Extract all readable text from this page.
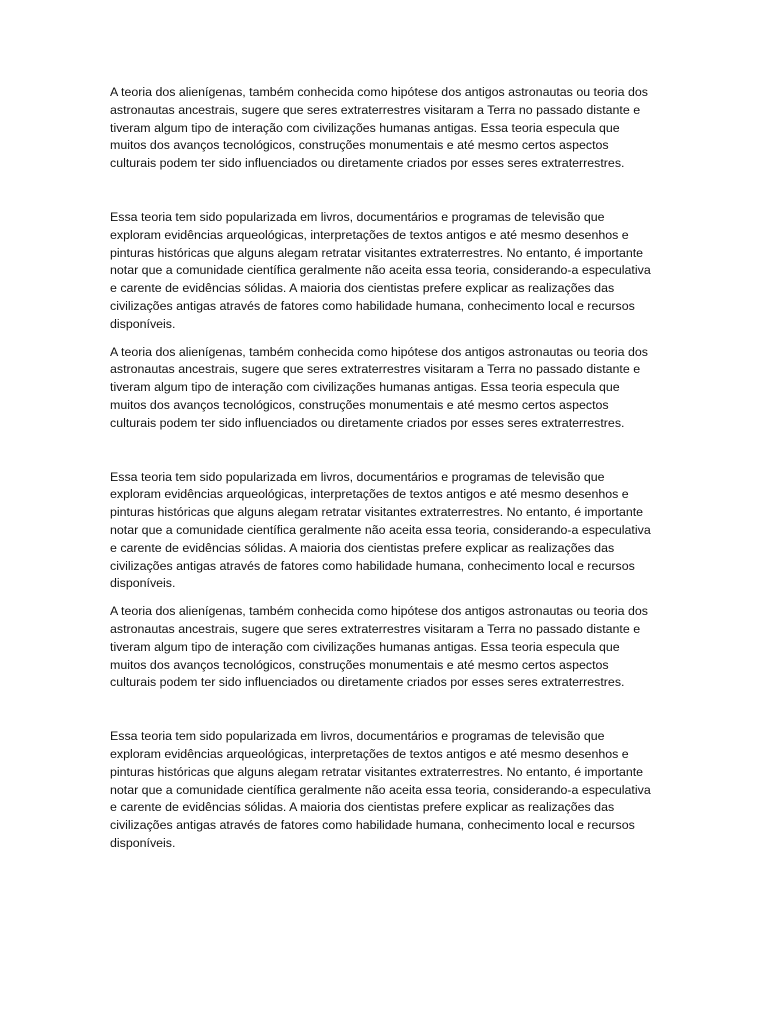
A teoria dos alienígenas, também conhecida como hipótese dos antigos astronautas ou teoria dos astronautas ancestrais, sugere que seres extraterrestres visitaram a Terra no passado distante e tiveram algum tipo de interação com civilizações humanas antigas. Essa teoria especula que muitos dos avanços tecnológicos, construções monumentais e até mesmo certos aspectos culturais podem ter sido influenciados ou diretamente criados por esses seres extraterrestres.

Essa teoria tem sido popularizada em livros, documentários e programas de televisão que exploram evidências arqueológicas, interpretações de textos antigos e até mesmo desenhos e pinturas históricas que alguns alegam retratar visitantes extraterrestres. No entanto, é importante notar que a comunidade científica geralmente não aceita essa teoria, considerando-a especulativa e carente de evidências sólidas. A maioria dos cientistas prefere explicar as realizações das civilizações antigas através de fatores como habilidade humana, conhecimento local e recursos disponíveis.

A teoria dos alienígenas, também conhecida como hipótese dos antigos astronautas ou teoria dos astronautas ancestrais, sugere que seres extraterrestres visitaram a Terra no passado distante e tiveram algum tipo de interação com civilizações humanas antigas. Essa teoria especula que muitos dos avanços tecnológicos, construções monumentais e até mesmo certos aspectos culturais podem ter sido influenciados ou diretamente criados por esses seres extraterrestres.

Essa teoria tem sido popularizada em livros, documentários e programas de televisão que exploram evidências arqueológicas, interpretações de textos antigos e até mesmo desenhos e pinturas históricas que alguns alegam retratar visitantes extraterrestres. No entanto, é importante notar que a comunidade científica geralmente não aceita essa teoria, considerando-a especulativa e carente de evidências sólidas. A maioria dos cientistas prefere explicar as realizações das civilizações antigas através de fatores como habilidade humana, conhecimento local e recursos disponíveis.

A teoria dos alienígenas, também conhecida como hipótese dos antigos astronautas ou teoria dos astronautas ancestrais, sugere que seres extraterrestres visitaram a Terra no passado distante e tiveram algum tipo de interação com civilizações humanas antigas. Essa teoria especula que muitos dos avanços tecnológicos, construções monumentais e até mesmo certos aspectos culturais podem ter sido influenciados ou diretamente criados por esses seres extraterrestres.

Essa teoria tem sido popularizada em livros, documentários e programas de televisão que exploram evidências arqueológicas, interpretações de textos antigos e até mesmo desenhos e pinturas históricas que alguns alegam retratar visitantes extraterrestres. No entanto, é importante notar que a comunidade científica geralmente não aceita essa teoria, considerando-a especulativa e carente de evidências sólidas. A maioria dos cientistas prefere explicar as realizações das civilizações antigas através de fatores como habilidade humana, conhecimento local e recursos disponíveis.
